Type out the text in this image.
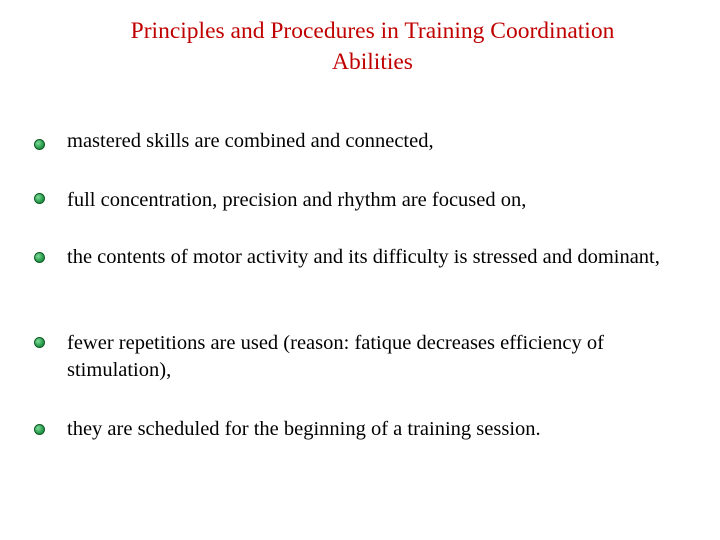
Principles and Procedures in Training Coordination
Abilities
mastered skills are combined and connected,
full concentration, precision and rhythm are focused on,
the contents of motor activity and its difficulty is stressed and dominant,
fewer repetitions are used (reason: fatique decreases efficiency of stimulation),
they are scheduled for the beginning of a training session.
